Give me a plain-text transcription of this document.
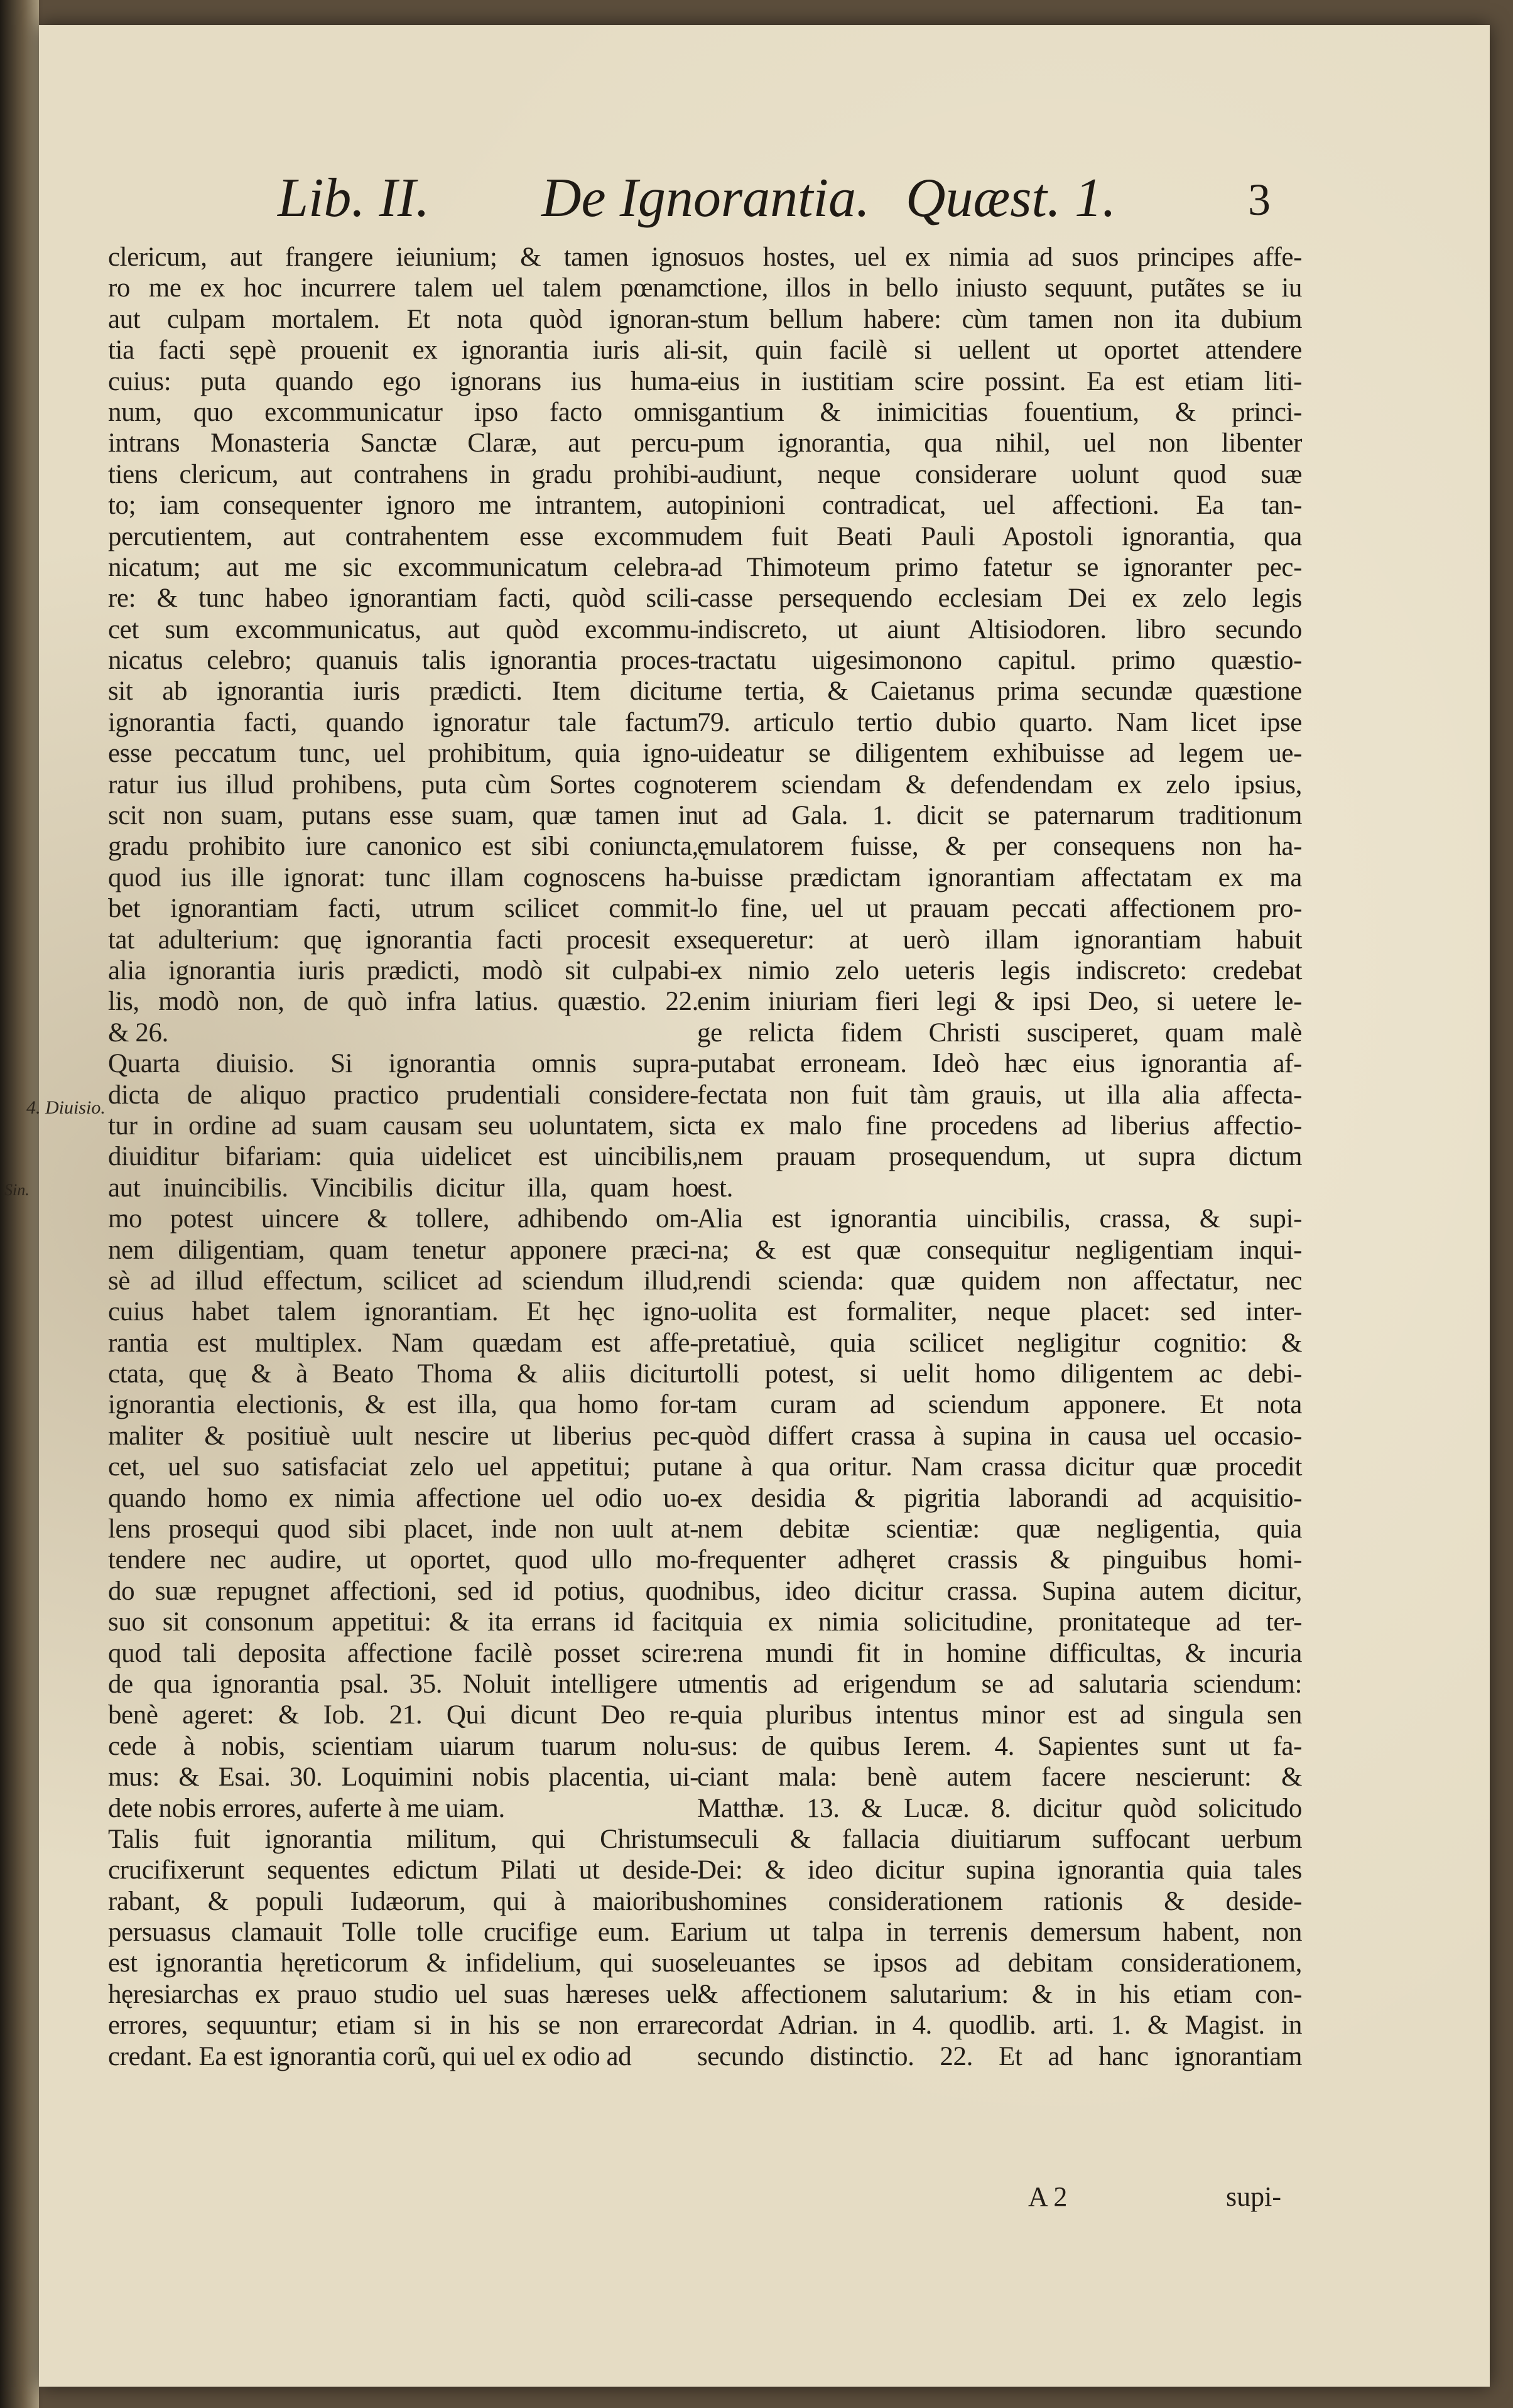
Lib. II. De Ignorantia. Quæst. 1.	3
4. Diuisio.
Sin.
clericum, aut frangere ieiunium; & tamen igno
ro me ex hoc incurrere talem uel talem pœnam
aut culpam mortalem. Et nota quòd ignoran-
tia facti sępè prouenit ex ignorantia iuris ali-
cuius: puta quando ego ignorans ius huma-
num, quo excommunicatur ipso facto omnis
intrans Monasteria Sanctæ Claræ, aut percu-
tiens clericum, aut contrahens in gradu prohibi-
to; iam consequenter ignoro me intrantem, aut
percutientem, aut contrahentem esse excommu
nicatum; aut me sic excommunicatum celebra-
re: & tunc habeo ignorantiam facti, quòd scili-
cet sum excommunicatus, aut quòd excommu-
nicatus celebro; quanuis talis ignorantia proces-
sit ab ignorantia iuris prædicti. Item dicitur
ignorantia facti, quando ignoratur tale factum
esse peccatum tunc, uel prohibitum, quia igno-
ratur ius illud prohibens, puta cùm Sortes cogno
scit non suam, putans esse suam, quæ tamen in
gradu prohibito iure canonico est sibi coniuncta,
quod ius ille ignorat: tunc illam cognoscens ha-
bet ignorantiam facti, utrum scilicet commit-
tat adulterium: quę ignorantia facti procesit ex
alia ignorantia iuris prædicti, modò sit culpabi-
lis, modò non, de quò infra latius. quæstio. 22.
& 26.
Quarta diuisio. Si ignorantia omnis supra-
dicta de aliquo practico prudentiali considere-
tur in ordine ad suam causam seu uoluntatem, sic
diuiditur bifariam: quia uidelicet est uincibilis,
aut inuincibilis. Vincibilis dicitur illa, quam ho
mo potest uincere & tollere, adhibendo om-
nem diligentiam, quam tenetur apponere præci-
sè ad illud effectum, scilicet ad sciendum illud,
cuius habet talem ignorantiam. Et hęc igno-
rantia est multiplex. Nam quædam est affe-
ctata, quę & à Beato Thoma & aliis dicitur
ignorantia electionis, & est illa, qua homo for-
maliter & positiuè uult nescire ut liberius pec-
cet, uel suo satisfaciat zelo uel appetitui; puta
quando homo ex nimia affectione uel odio uo-
lens prosequi quod sibi placet, inde non uult at-
tendere nec audire, ut oportet, quod ullo mo-
do suæ repugnet affectioni, sed id potius, quod
suo sit consonum appetitui: & ita errans id facit
quod tali deposita affectione facilè posset scire:
de qua ignorantia psal. 35. Noluit intelligere ut
benè ageret: & Iob. 21. Qui dicunt Deo re-
cede à nobis, scientiam uiarum tuarum nolu-
mus: & Esai. 30. Loquimini nobis placentia, ui-
dete nobis errores, auferte à me uiam.
Talis fuit ignorantia militum, qui Christum
crucifixerunt sequentes edictum Pilati ut deside-
rabant, & populi Iudæorum, qui à maioribus
persuasus clamauit Tolle tolle crucifige eum. Ea
est ignorantia hęreticorum & infidelium, qui suos
hęresiarchas ex prauo studio uel suas hæreses uel
errores, sequuntur; etiam si in his se non errare
credant. Ea est ignorantia corũ, qui uel ex odio ad
suos hostes, uel ex nimia ad suos principes affe-
ctione, illos in bello iniusto sequunt, putãtes se iu
stum bellum habere: cùm tamen non ita dubium
sit, quin facilè si uellent ut oportet attendere
eius in iustitiam scire possint. Ea est etiam liti-
gantium & inimicitias fouentium, & princi-
pum ignorantia, qua nihil, uel non libenter
audiunt, neque considerare uolunt quod suæ
opinioni contradicat, uel affectioni. Ea tan-
dem fuit Beati Pauli Apostoli ignorantia, qua
ad Thimoteum primo fatetur se ignoranter pec-
casse persequendo ecclesiam Dei ex zelo legis
indiscreto, ut aiunt Altisiodoren. libro secundo
tractatu uigesimonono capitul. primo quæstio-
ne tertia, & Caietanus prima secundæ quæstione
79. articulo tertio dubio quarto. Nam licet ipse
uideatur se diligentem exhibuisse ad legem ue-
terem sciendam & defendendam ex zelo ipsius,
ut ad Gala. 1. dicit se paternarum traditionum
ęmulatorem fuisse, & per consequens non ha-
buisse prædictam ignorantiam affectatam ex ma
lo fine, uel ut prauam peccati affectionem pro-
sequeretur: at uerò illam ignorantiam habuit
ex nimio zelo ueteris legis indiscreto: credebat
enim iniuriam fieri legi & ipsi Deo, si uetere le-
ge relicta fidem Christi susciperet, quam malè
putabat erroneam. Ideò hæc eius ignorantia af-
fectata non fuit tàm grauis, ut illa alia affecta-
ta ex malo fine procedens ad liberius affectio-
nem prauam prosequendum, ut supra dictum
est.
Alia est ignorantia uincibilis, crassa, & supi-
na; & est quæ consequitur negligentiam inqui-
rendi scienda: quæ quidem non affectatur, nec
uolita est formaliter, neque placet: sed inter-
pretatiuè, quia scilicet negligitur cognitio: &
tolli potest, si uelit homo diligentem ac debi-
tam curam ad sciendum apponere. Et nota
quòd differt crassa à supina in causa uel occasio-
ne à qua oritur. Nam crassa dicitur quæ procedit
ex desidia & pigritia laborandi ad acquisitio-
nem debitæ scientiæ: quæ negligentia, quia
frequenter adhęret crassis & pinguibus homi-
nibus, ideo dicitur crassa. Supina autem dicitur,
quia ex nimia solicitudine, pronitateque ad ter-
rena mundi fit in homine difficultas, & incuria
mentis ad erigendum se ad salutaria sciendum:
quia pluribus intentus minor est ad singula sen
sus: de quibus Ierem. 4. Sapientes sunt ut fa-
ciant mala: benè autem facere nescierunt: &
Matthæ. 13. & Lucæ. 8. dicitur quòd solicitudo
seculi & fallacia diuitiarum suffocant uerbum
Dei: & ideo dicitur supina ignorantia quia tales
homines considerationem rationis & deside-
rium ut talpa in terrenis demersum habent, non
eleuantes se ipsos ad debitam considerationem,
& affectionem salutarium: & in his etiam con-
cordat Adrian. in 4. quodlib. arti. 1. & Magist. in
secundo distinctio. 22. Et ad hanc ignorantiam
A 2	supi-
